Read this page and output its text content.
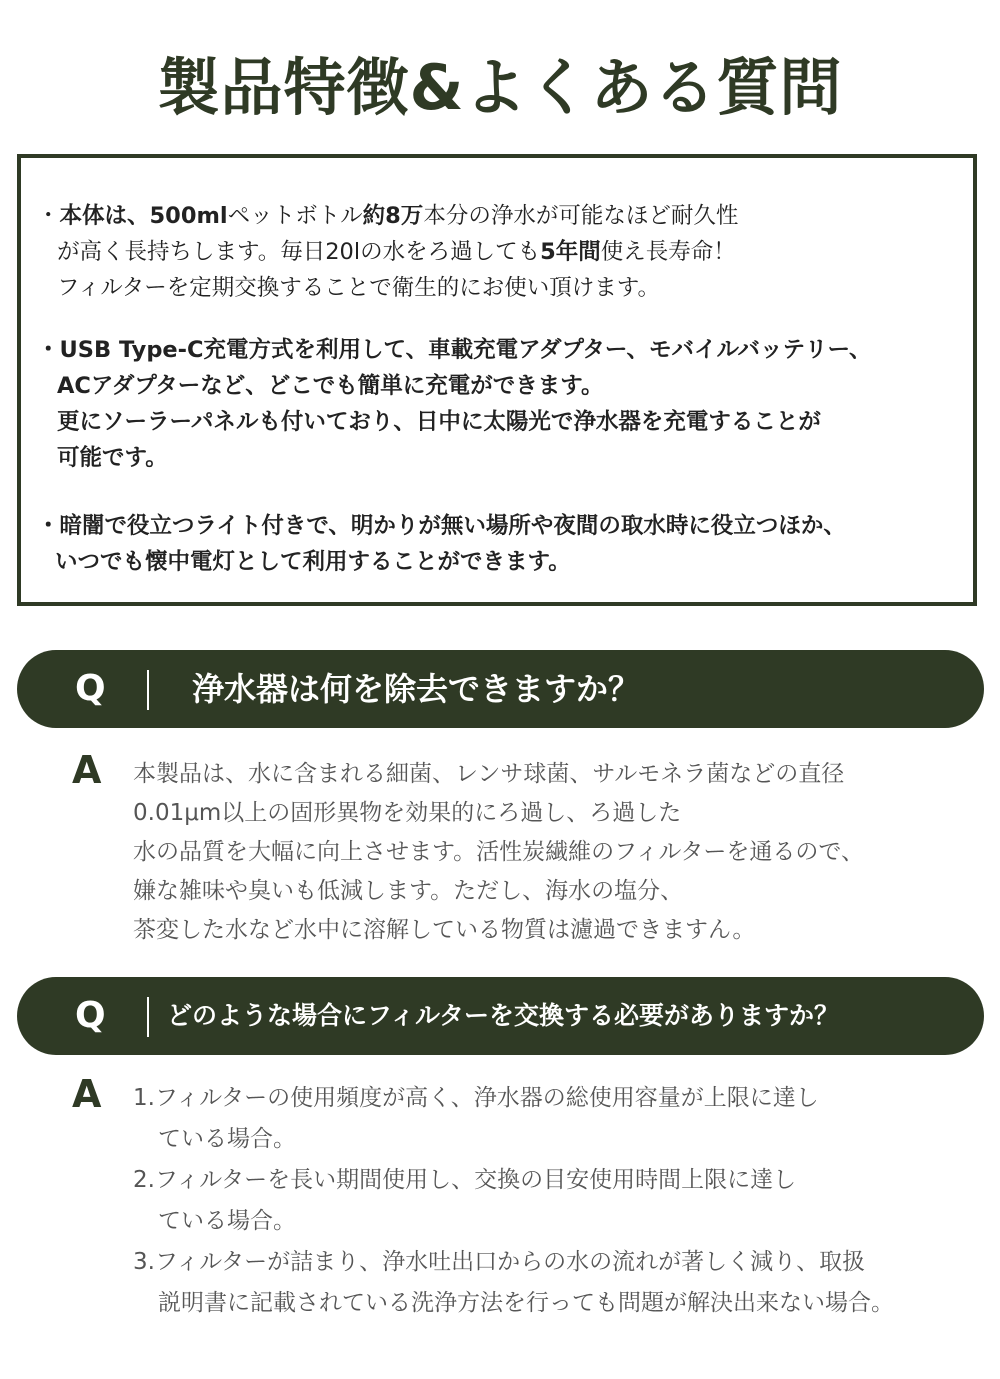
製品特徴&よくある質問
・本体は、500mlペットボトル約8万本分の浄水が可能なほど耐久性
が高く長持ちします。毎日20lの水をろ過しても5年間使え長寿命！
フィルターを定期交換することで衛生的にお使い頂けます。
・USB Type-C充電方式を利用して、車載充電アダプター、モバイルバッテリー、
ACアダプターなど、どこでも簡単に充電ができます。
更にソーラーパネルも付いており、日中に太陽光で浄水器を充電することが
可能です。
・暗闇で役立つライト付きで、明かりが無い場所や夜間の取水時に役立つほか、
いつでも懐中電灯として利用することができます。
Q	浄水器は何を除去できますか？
A 本製品は、水に含まれる細菌、レンサ球菌、サルモネラ菌などの直径
0.01μm以上の固形異物を効果的にろ過し、ろ過した
水の品質を大幅に向上させます。活性炭繊維のフィルターを通るので、
嫌な雑味や臭いも低減します。ただし、海水の塩分、
茶変した水など水中に溶解している物質は濾過できますん。
Q どのような場合にフィルターを交換する必要がありますか？
A 1.フィルターの使用頻度が高く、浄水器の総使用容量が上限に達し
ている場合。
2.フィルターを長い期間使用し、交換の目安使用時間上限に達し
ている場合。
3.フィルターが詰まり、浄水吐出口からの水の流れが著しく減り、取扱
説明書に記載されている洗浄方法を行っても問題が解決出来ない場合。
